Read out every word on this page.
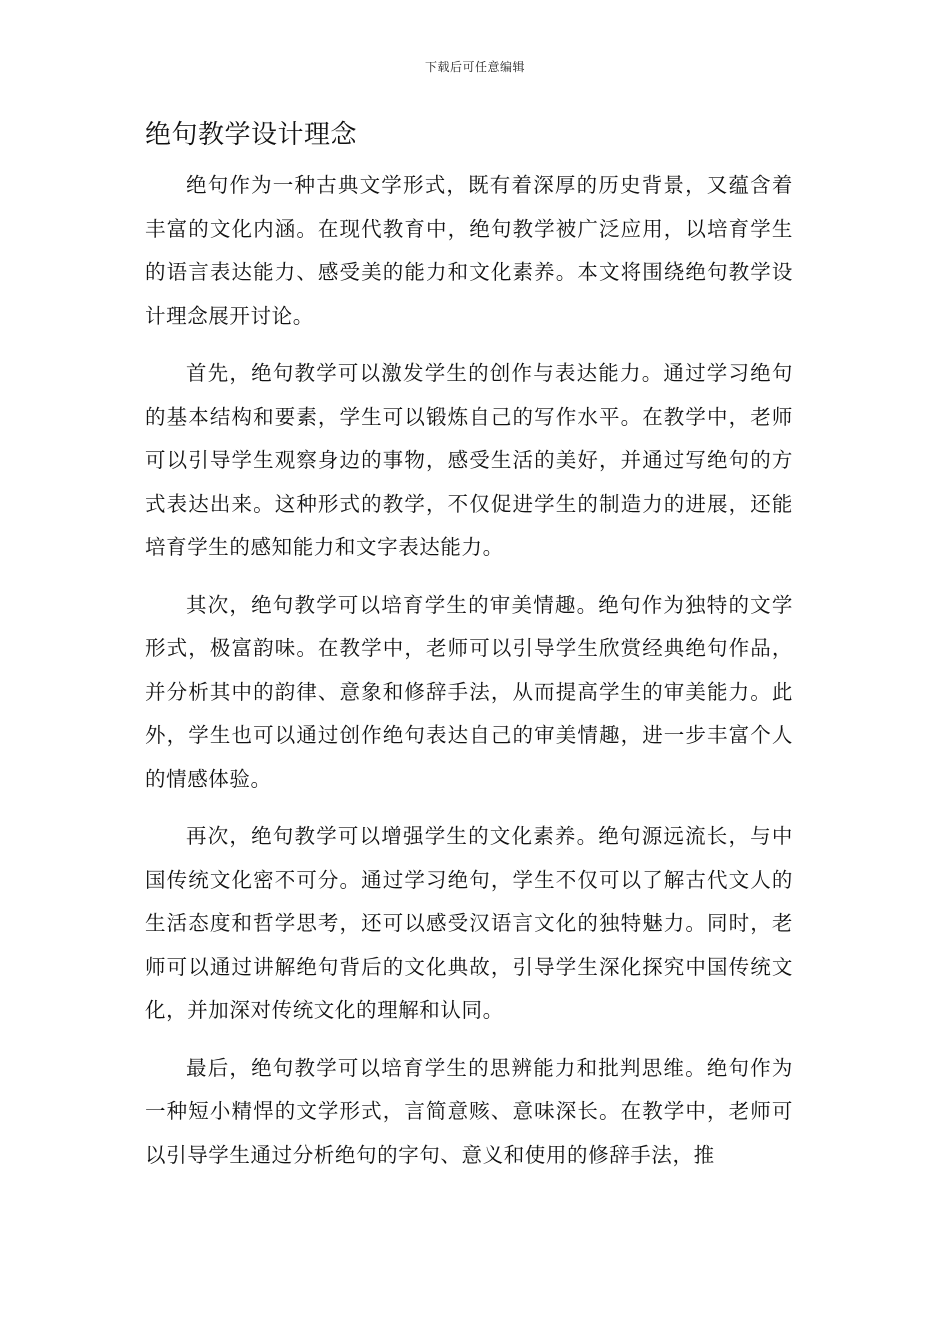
下载后可任意编辑
绝句教学设计理念

绝句作为一种古典文学形式，既有着深厚的历史背景，又蕴含着丰富的文化内涵。在现代教育中，绝句教学被广泛应用，以培育学生的语言表达能力、感受美的能力和文化素养。本文将围绕绝句教学设计理念展开讨论。

首先，绝句教学可以激发学生的创作与表达能力。通过学习绝句的基本结构和要素，学生可以锻炼自己的写作水平。在教学中，老师可以引导学生观察身边的事物，感受生活的美好，并通过写绝句的方式表达出来。这种形式的教学，不仅促进学生的制造力的进展，还能培育学生的感知能力和文字表达能力。

其次，绝句教学可以培育学生的审美情趣。绝句作为独特的文学形式，极富韵味。在教学中，老师可以引导学生欣赏经典绝句作品，并分析其中的韵律、意象和修辞手法，从而提高学生的审美能力。此外，学生也可以通过创作绝句表达自己的审美情趣，进一步丰富个人的情感体验。

再次，绝句教学可以增强学生的文化素养。绝句源远流长，与中国传统文化密不可分。通过学习绝句，学生不仅可以了解古代文人的生活态度和哲学思考，还可以感受汉语言文化的独特魅力。同时，老师可以通过讲解绝句背后的文化典故，引导学生深化探究中国传统文化，并加深对传统文化的理解和认同。

最后，绝句教学可以培育学生的思辨能力和批判思维。绝句作为一种短小精悍的文学形式，言简意赅、意味深长。在教学中，老师可以引导学生通过分析绝句的字句、意义和使用的修辞手法，推
